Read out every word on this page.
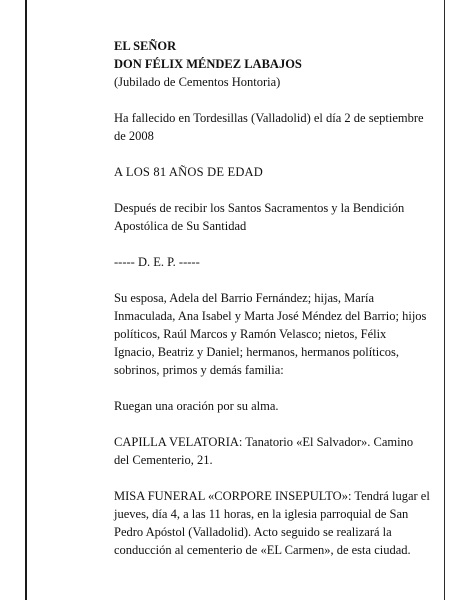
EL SEÑOR
DON FÉLIX MÉNDEZ LABAJOS
(Jubilado de Cementos Hontoria)

Ha fallecido en Tordesillas (Valladolid) el día 2 de septiembre de 2008

A LOS 81 AÑOS DE EDAD

Después de recibir los Santos Sacramentos y la Bendición Apostólica de Su Santidad

----- D. E. P. -----

Su esposa, Adela del Barrio Fernández; hijas, María Inmaculada, Ana Isabel y Marta José Méndez del Barrio; hijos políticos, Raúl Marcos y Ramón Velasco; nietos, Félix Ignacio, Beatriz y Daniel; hermanos, hermanos políticos, sobrinos, primos y demás familia:

Ruegan una oración por su alma.

CAPILLA VELATORIA: Tanatorio «El Salvador». Camino del Cementerio, 21.

MISA FUNERAL «CORPORE INSEPULTO»: Tendrá lugar el jueves, día 4, a las 11 horas, en la iglesia parroquial de San Pedro Apóstol (Valladolid). Acto seguido se realizará la conducción al cementerio de «EL Carmen», de esta ciudad.
